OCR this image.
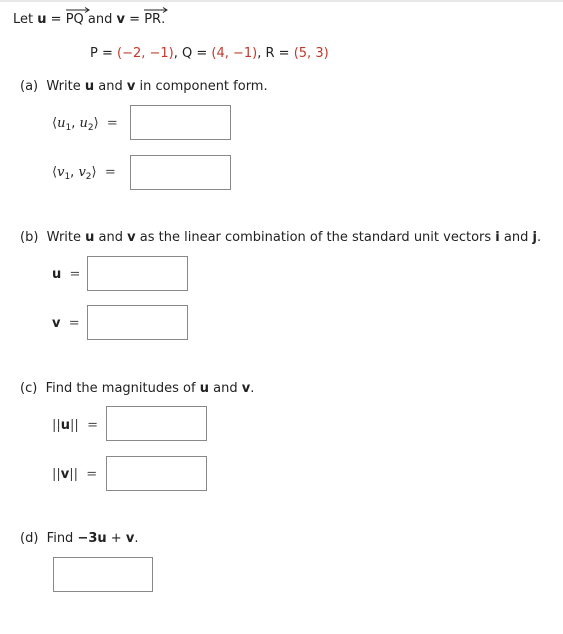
Let u = PQ and v = PR.
P = (−2, −1), Q = (4, −1), R = (5, 3)
(a) Write u and v in component form.
$⟨u_1$, $u_2⟩$ =
$⟨v_1$, $v_2⟩$ =
(b) Write u and v as the linear combination of the standard unit vectors i and j.
u =
v =
(c) Find the magnitudes of u and v.
||u|| =
||v|| =
(d) Find −3u + v.
